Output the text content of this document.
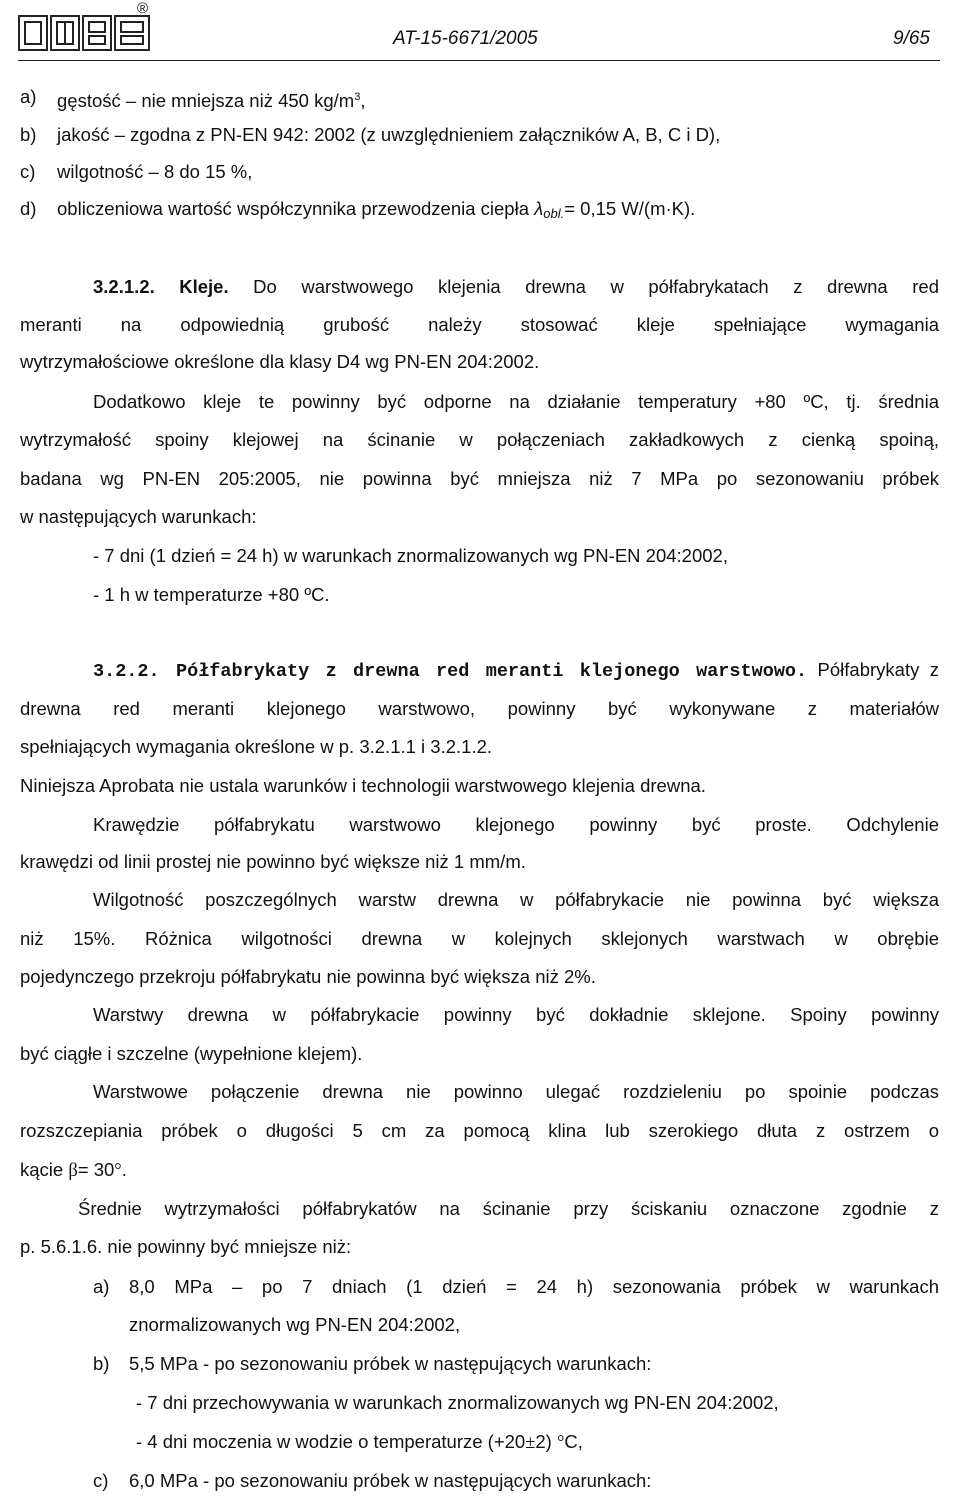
®
AT-15-6671/2005	9/65
a) gęstość – nie mniejsza niż 450 $kg/m^3$,
b) jakość – zgodna z PN-EN 942: 2002 (z uwzględnieniem załączników A, B, C i D),
c) wilgotność – 8 do 15 %,
d) obliczeniowa wartość współczynnika przewodzenia ciepła λobl.= 0,15 W/(m·K).
3.2.1.2. Kleje. Do warstwowego klejenia drewna w półfabrykatach z drewna red
meranti na odpowiednią grubość należy stosować kleje spełniające wymagania
wytrzymałościowe określone dla klasy D4 wg PN-EN 204:2002.
Dodatkowo kleje te powinny być odporne na działanie temperatury +80 ºC, tj. średnia
wytrzymałość spoiny klejowej na ścinanie w połączeniach zakładkowych z cienką spoiną,
badana wg PN-EN 205:2005, nie powinna być mniejsza niż 7 MPa po sezonowaniu próbek
w następujących warunkach:
- 7 dni (1 dzień = 24 h) w warunkach znormalizowanych wg PN-EN 204:2002,
- 1 h w temperaturze +80 ºC.
3.2.2. Półfabrykaty z drewna red meranti klejonego warstwowo. Półfabrykaty z
drewna red meranti klejonego warstwowo, powinny być wykonywane z materiałów
spełniających wymagania określone w p. 3.2.1.1 i 3.2.1.2.
Niniejsza Aprobata nie ustala warunków i technologii warstwowego klejenia drewna.
Krawędzie półfabrykatu warstwowo klejonego powinny być proste. Odchylenie
krawędzi od linii prostej nie powinno być większe niż 1 mm/m.
Wilgotność poszczególnych warstw drewna w półfabrykacie nie powinna być większa
niż 15%. Różnica wilgotności drewna w kolejnych sklejonych warstwach w obrębie
pojedynczego przekroju półfabrykatu nie powinna być większa niż 2%.
Warstwy drewna w półfabrykacie powinny być dokładnie sklejone. Spoiny powinny
być ciągłe i szczelne (wypełnione klejem).
Warstwowe połączenie drewna nie powinno ulegać rozdzieleniu po spoinie podczas
rozszczepiania próbek o długości 5 cm za pomocą klina lub szerokiego dłuta z ostrzem o
kącie β= 30°.
Średnie wytrzymałości półfabrykatów na ścinanie przy ściskaniu oznaczone zgodnie z
p. 5.6.1.6. nie powinny być mniejsze niż:
a) 8,0 MPa – po 7 dniach (1 dzień = 24 h) sezonowania próbek w warunkach
znormalizowanych wg PN-EN 204:2002,
b) 5,5 MPa - po sezonowaniu próbek w następujących warunkach:
- 7 dni przechowywania w warunkach znormalizowanych wg PN-EN 204:2002,
- 4 dni moczenia w wodzie o temperaturze (+20±2) °C,
c) 6,0 MPa - po sezonowaniu próbek w następujących warunkach:
